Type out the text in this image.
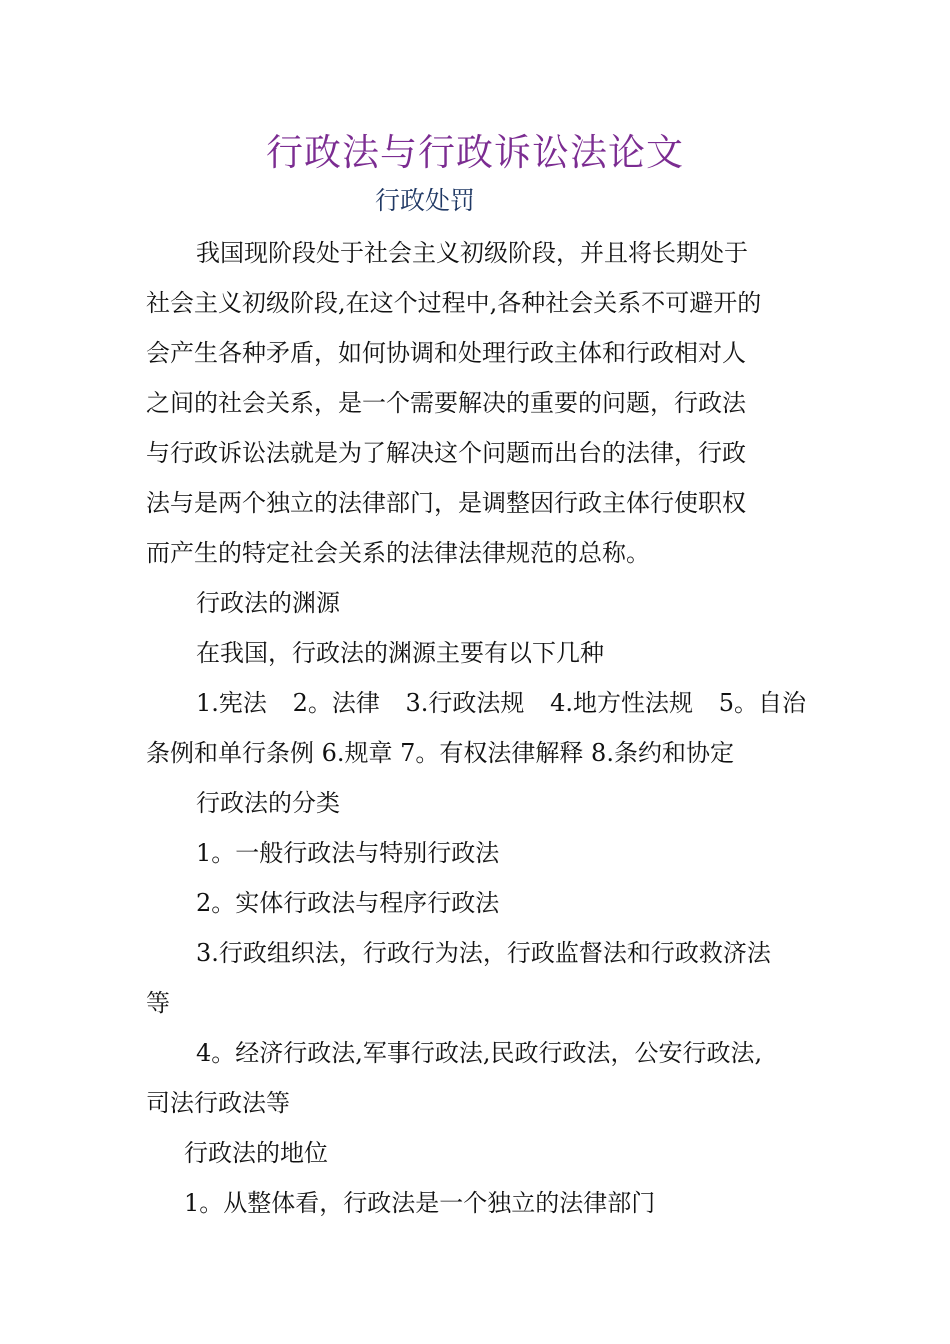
行政法与行政诉讼法论文
行政处罚
我国现阶段处于社会主义初级阶段，并且将长期处于
社会主义初级阶段,在这个过程中,各种社会关系不可避开的
会产生各种矛盾，如何协调和处理行政主体和行政相对人
之间的社会关系，是一个需要解决的重要的问题，行政法
与行政诉讼法就是为了解决这个问题而出台的法律，行政
法与是两个独立的法律部门，是调整因行政主体行使职权
而产生的特定社会关系的法律法律规范的总称。
行政法的渊源
在我国，行政法的渊源主要有以下几种
1.宪法 2。法律 3.行政法规 4.地方性法规 5。自治
条例和单行条例 6.规章 7。有权法律解释 8.条约和协定
行政法的分类
1。一般行政法与特别行政法
2。实体行政法与程序行政法
3.行政组织法，行政行为法，行政监督法和行政救济法
等
4。经济行政法,军事行政法,民政行政法，公安行政法,
司法行政法等
行政法的地位
1。从整体看，行政法是一个独立的法律部门
